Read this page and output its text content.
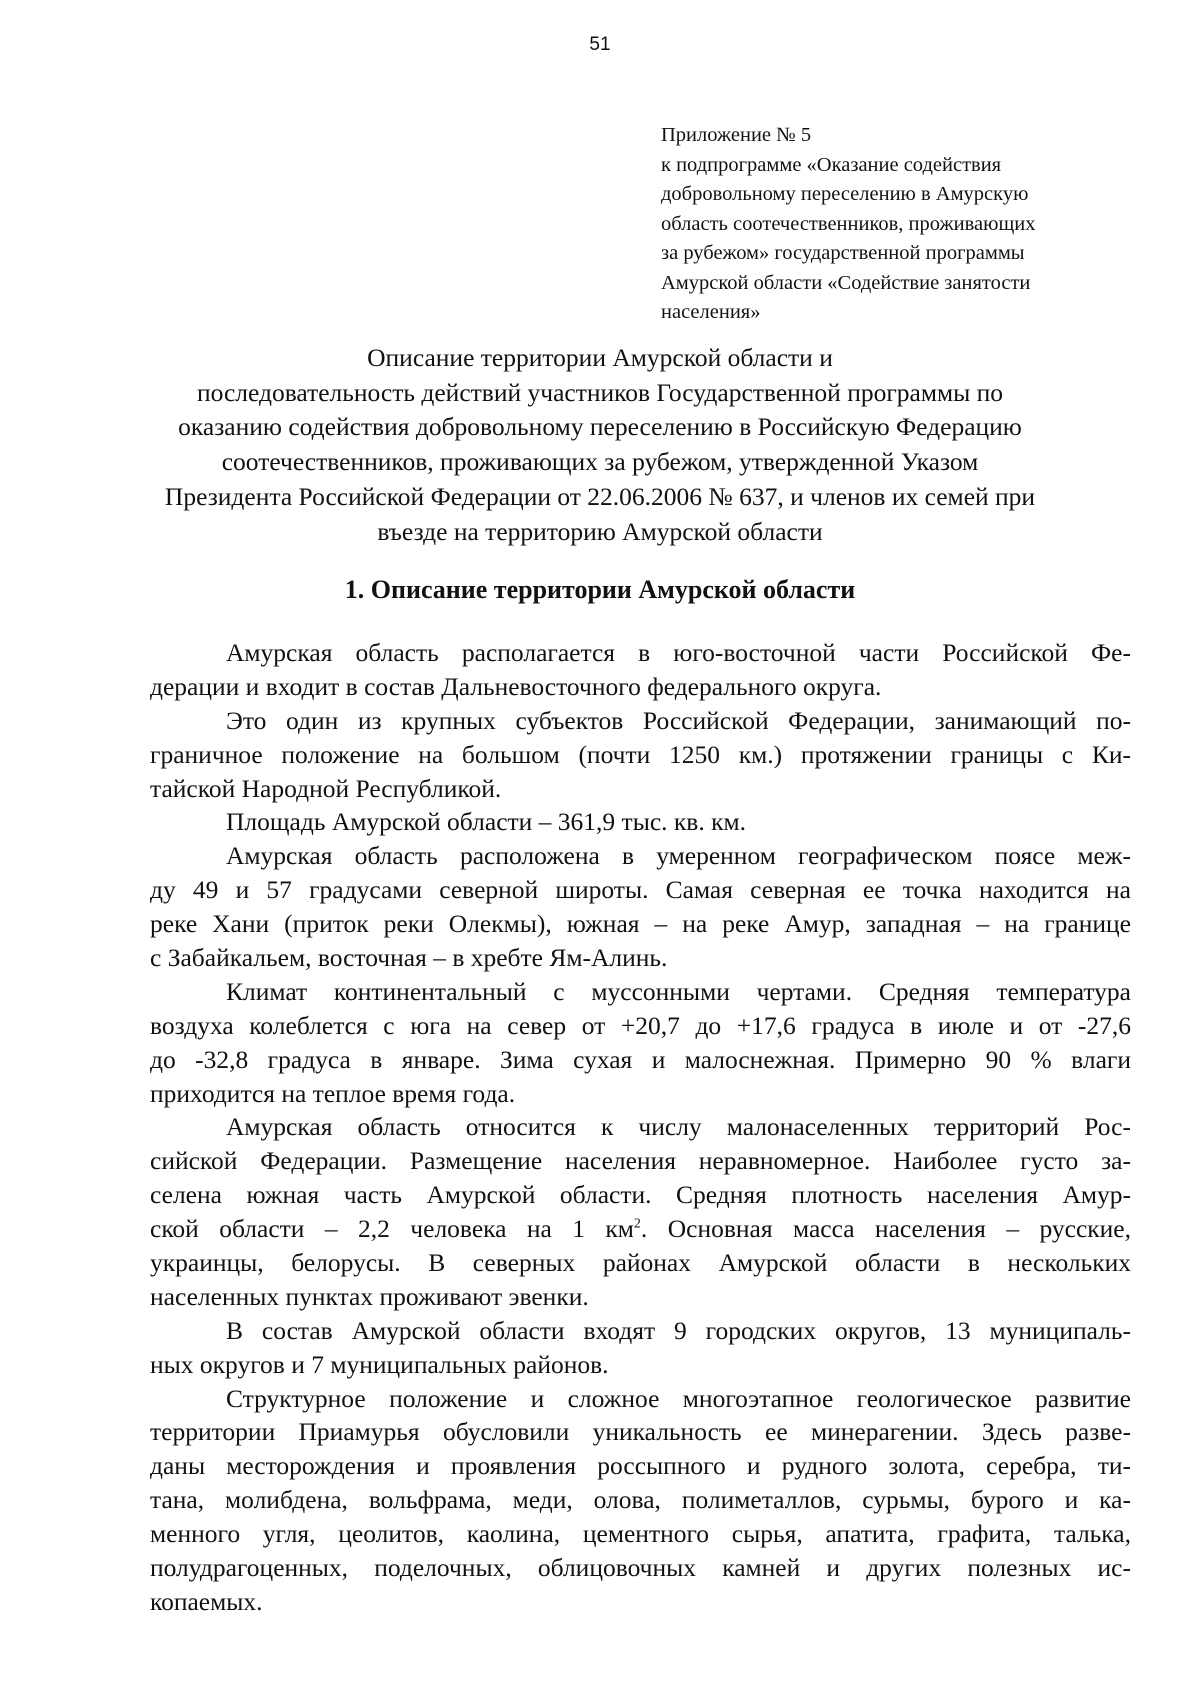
51
Приложение № 5
к подпрограмме «Оказание содействия
добровольному переселению в Амурскую
область соотечественников, проживающих
за рубежом» государственной программы
Амурской области «Содействие занятости
населения»
Описание территории Амурской области и
последовательность действий участников Государственной программы по
оказанию содействия добровольному переселению в Российскую Федерацию
соотечественников, проживающих за рубежом, утвержденной Указом
Президента Российской Федерации от 22.06.2006 № 637, и членов их семей при
въезде на территорию Амурской области
1. Описание территории Амурской области
Амурская область располагается в юго-восточной части Российской Фе-
дерации и входит в состав Дальневосточного федерального округа.
Это один из крупных субъектов Российской Федерации, занимающий по-
граничное положение на большом (почти 1250 км.) протяжении границы с Ки-
тайской Народной Республикой.
Площадь Амурской области – 361,9 тыс. кв. км.
Амурская область расположена в умеренном географическом поясе меж-
ду 49 и 57 градусами северной широты. Самая северная ее точка находится на
реке Хани (приток реки Олекмы), южная – на реке Амур, западная – на границе
с Забайкальем, восточная – в хребте Ям-Алинь.
Климат континентальный с муссонными чертами. Средняя температура
воздуха колеблется с юга на север от +20,7 до +17,6 градуса в июле и от -27,6
до -32,8 градуса в январе. Зима сухая и малоснежная. Примерно 90 % влаги
приходится на теплое время года.
Амурская область относится к числу малонаселенных территорий Рос-
сийской Федерации. Размещение населения неравномерное. Наиболее густо за-
селена южная часть Амурской области. Средняя плотность населения Амур-
ской области – 2,2 человека на 1 $км^2$. Основная масса населения – русские,
украинцы, белорусы. В северных районах Амурской области в нескольких
населенных пунктах проживают эвенки.
В состав Амурской области входят 9 городских округов, 13 муниципаль-
ных округов и 7 муниципальных районов.
Структурное положение и сложное многоэтапное геологическое развитие
территории Приамурья обусловили уникальность ее минерагении. Здесь разве-
даны месторождения и проявления россыпного и рудного золота, серебра, ти-
тана, молибдена, вольфрама, меди, олова, полиметаллов, сурьмы, бурого и ка-
менного угля, цеолитов, каолина, цементного сырья, апатита, графита, талька,
полудрагоценных, поделочных, облицовочных камней и других полезных ис-
копаемых.
